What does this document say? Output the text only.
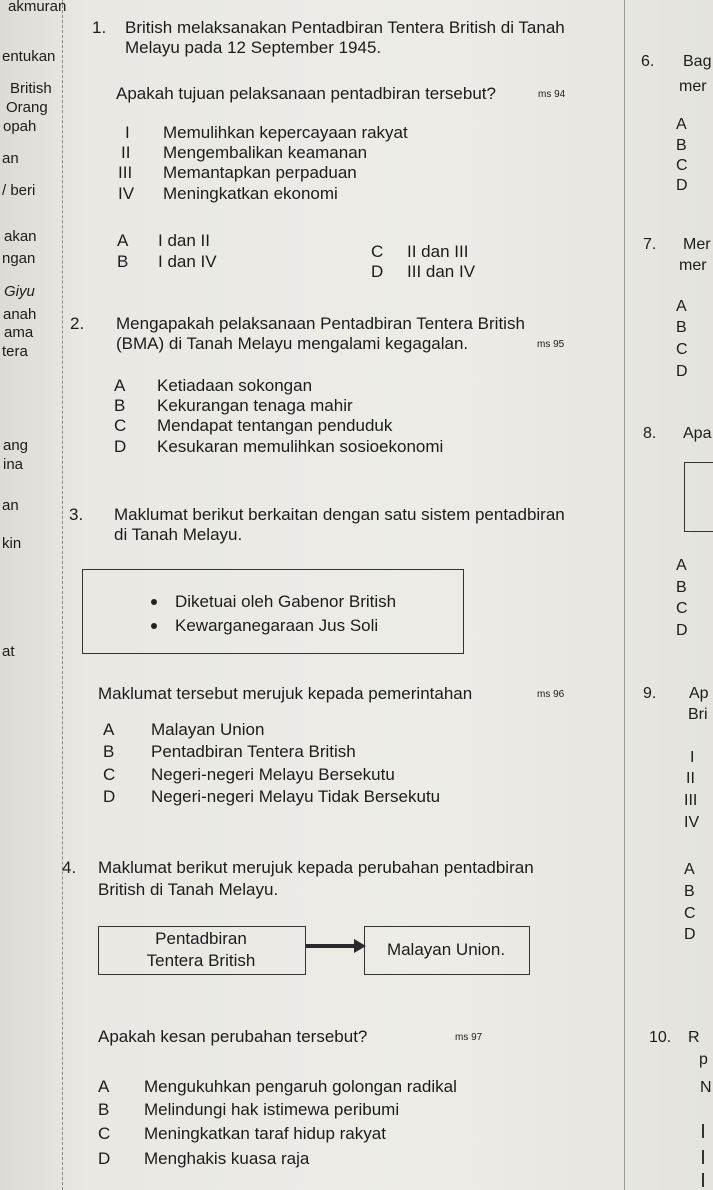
akmuran
entukan
British
Orang
opah
an
/ beri
akan
ngan
Giyu
anah
ama
tera
ang
ina
an
kin
at
1. British melaksanakan Pentadbiran Tentera British di Tanah
Melayu pada 12 September 1945.
Apakah tujuan pelaksanaan pentadbiran tersebut?	ms 94
I Memulihkan kepercayaan rakyat
II Mengembalikan keamanan
III Memantapkan perpaduan
IV Meningkatkan ekonomi
A I dan II
B I dan IV
C II dan III
D III dan IV
2. Mengapakah pelaksanaan Pentadbiran Tentera British
(BMA) di Tanah Melayu mengalami kegagalan.	ms 95
A Ketiadaan sokongan
B Kekurangan tenaga mahir
C Mendapat tentangan penduduk
D Kesukaran memulihkan sosioekonomi
3. Maklumat berikut berkaitan dengan satu sistem pentadbiran
di Tanah Melayu.
Diketuai oleh Gabenor British
Kewarganegaraan Jus Soli
Maklumat tersebut merujuk kepada pemerintahan	ms 96
A Malayan Union
B Pentadbiran Tentera British
C Negeri-negeri Melayu Bersekutu
D Negeri-negeri Melayu Tidak Bersekutu
4. Maklumat berikut merujuk kepada perubahan pentadbiran
British di Tanah Melayu.
Pentadbiran
Tentera British
Malayan Union.
Apakah kesan perubahan tersebut?	ms 97
A Mengukuhkan pengaruh golongan radikal
B Melindungi hak istimewa peribumi
C Meningkatkan taraf hidup rakyat
D Menghakis kuasa raja
6. Bag
mer
A
B
C
D
7. Mer
mer
A
B
C
D
8. Apa
A
B
C
D
9. Ap
Bri
I
II
III
IV
A
B
C
D
10. R
p
N
